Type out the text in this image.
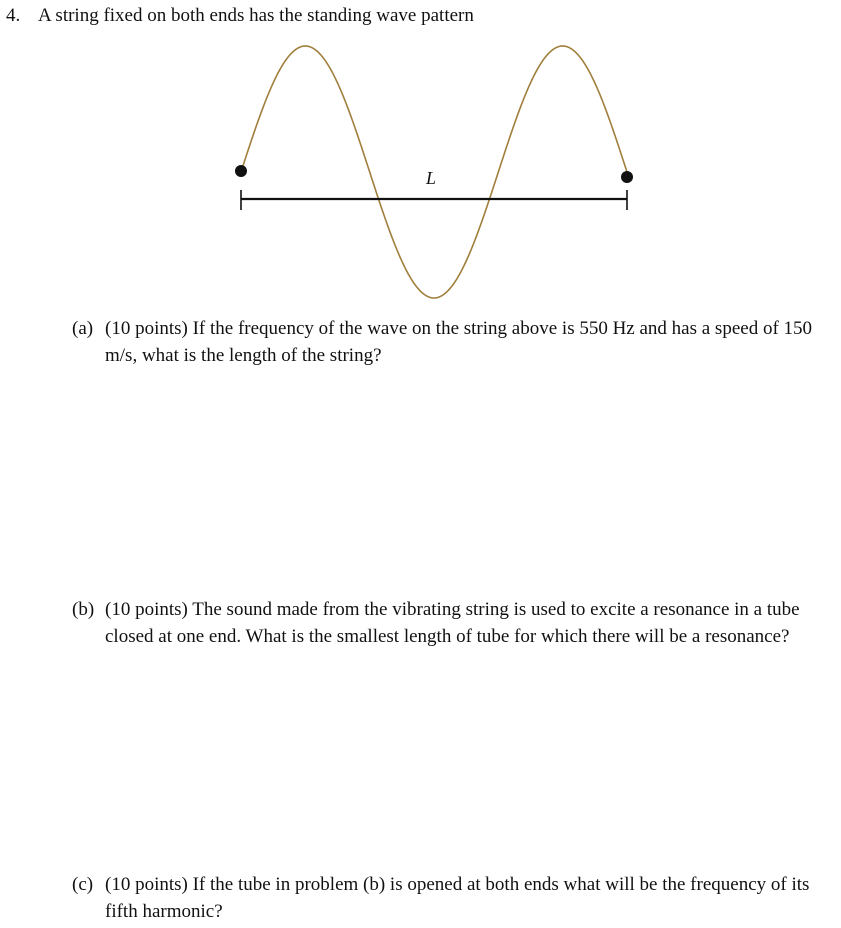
4. A string fixed on both ends has the standing wave pattern
L
(a) (10 points) If the frequency of the wave on the string above is 550 Hz and has a speed of 150 m/s, what is the length of the string?
(b) (10 points) The sound made from the vibrating string is used to excite a resonance in a tube closed at one end. What is the smallest length of tube for which there will be a resonance?
(c) (10 points) If the tube in problem (b) is opened at both ends what will be the frequency of its fifth harmonic?
